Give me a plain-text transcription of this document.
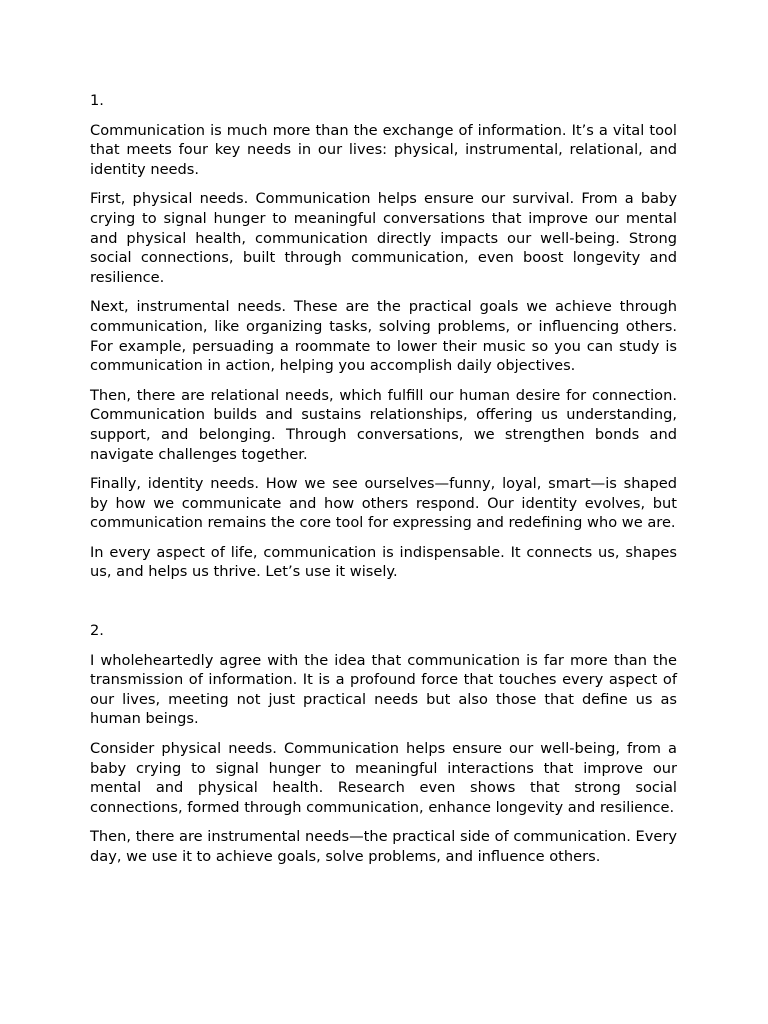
1.

Communication is much more than the exchange of information. It’s a vital tool that meets four key needs in our lives: physical, instrumental, relational, and identity needs.

First, physical needs. Communication helps ensure our survival. From a baby crying to signal hunger to meaningful conversations that improve our mental and physical health, communication directly impacts our well-being. Strong social connections, built through communication, even boost longevity and resilience.

Next, instrumental needs. These are the practical goals we achieve through communication, like organizing tasks, solving problems, or influencing others. For example, persuading a roommate to lower their music so you can study is communication in action, helping you accomplish daily objectives.

Then, there are relational needs, which fulfill our human desire for connection. Communication builds and sustains relationships, offering us understanding, support, and belonging. Through conversations, we strengthen bonds and navigate challenges together.

Finally, identity needs. How we see ourselves—funny, loyal, smart—is shaped by how we communicate and how others respond. Our identity evolves, but communication remains the core tool for expressing and redefining who we are.

In every aspect of life, communication is indispensable. It connects us, shapes us, and helps us thrive. Let’s use it wisely.

2.

I wholeheartedly agree with the idea that communication is far more than the transmission of information. It is a profound force that touches every aspect of our lives, meeting not just practical needs but also those that define us as human beings.

Consider physical needs. Communication helps ensure our well-being, from a baby crying to signal hunger to meaningful interactions that improve our mental and physical health. Research even shows that strong social connections, formed through communication, enhance longevity and resilience.

Then, there are instrumental needs—the practical side of communication. Every day, we use it to achieve goals, solve problems, and influence others.
